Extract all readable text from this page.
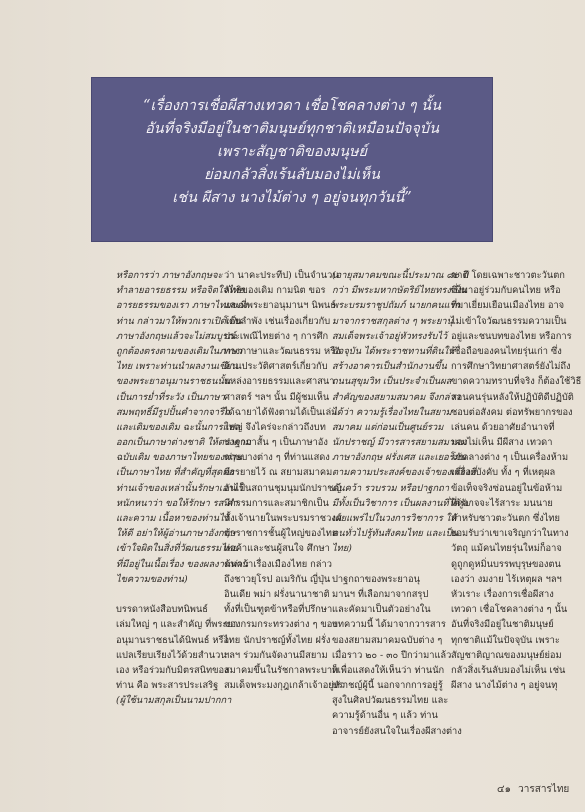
“เรื่องการเชื่อผีสางเทวดา เชื่อโชคลางต่าง ๆ นั้น
อันที่จริงมีอยู่ในชาติมนุษย์ทุกชาติเหมือนปัจจุบัน
เพราะสัญชาติของมนุษย์
ย่อมกลัวสิ่งเร้นลับมองไม่เห็น
เช่น ผีสาง นางไม้ต่าง ๆ อยู่จนทุกวันนี้”
หรือการว่า ภาษาอังกฤษจะ
ทำลายอารยธรรม หรือจิตใจไทย
อารยธรรมของเรา ภาษาไทยของ
ท่าน กล่าวมาให้พวกเราเปิดเป็น
ภาษาอังกฤษแล้วจะไม่สมบูรณ์
ถูกต้องตรงตามของเดิมในภาษา
ไทย เพราะท่านนำผลงานเขียน
ของพระยาอนุมานราชธนนั้น
เป็นการย่ำที่ระวัง เป็นภาษา
สมพฤทธิ์มีรูปปั้นคำจากจารึก
และเดิมของเดิม ฉะนั้นการแปล
ออกเป็นภาษาต่างชาติ ให้ตรงตาม
ฉบับเดิม ของภาษาไทยของท่าน
เป็นภาษาไทย ที่สำคัญที่สุดคือ
ท่านเจ้าของเหล่านั้นรักษาเอาไว้
หนักหนาว่า ขอให้รักษา รส คำ
และความ เนื้อหาของท่านไว้
ให้ดี อย่าให้ผู้อ่านภาษาอังกฤษ
เข้าใจผิดในสิ่งที่วัฒนธรรมไทย
ที่มีอยู่ในเนื้อเรื่อง ของผลงานท่าน
ไขความของท่าน)
บรรดาหนังสือบทนิพนธ์
เล่มใหญ่ ๆ และสำคัญ ที่พระยา
อนุมานราชธนได้นิพนธ์ หรือ
แปลเรียบเรียงไว้ด้วยสำนวน
เอง หรือร่วมกับมิตรสนิทของ
ท่าน คือ พระสารประเสริฐ
(ผู้ใช้นามสกุลเป็นนามปากกา
ว่า นาคะประทีป) เป็นจำนวน
ลัทธิของเดิม กามนิต ขอร
และที่พระยาอนุมานฯ นิพนธ์
โดยลำพัง เช่นเรื่องเกี่ยวกับ
ประเพณีไทยต่าง ๆ การศึก
ทางภาษาและวัฒนธรรม หรือ
ด้านประวัติศาสตร์เกี่ยวกับ
แหล่งอารยธรรมและศาสนา
ศาสตร์ ฯลฯ นั้น มีผู้ชมเห็น
ได้ฉายาได้ฟังตามได้เป็นเล่ม
ใหญ่ จึงไคร่จะกล่าวถึงบท
ปาฐกถาสั้น ๆ เป็นภาษาอัง
กฤษบางต่าง ๆ ที่ท่านแสดง
บรรยายไว้ ณ สยามสมาคม
อันเป็นสถานชุมนุมนักปราชญ์
มีกรรมการและสมาชิกเป็น
ทั้งเจ้านายในพระบรมราชวงศ์
ข้าราชการชั้นผู้ใหญ่ของไทย
ท่อค้าและชนผู้สนใจ ศึกษา
ค้นคว้าเรื่องเมืองไทย กล่าว
ถึงชาวยุโรป อเมริกัน ญี่ปุ่น
อินเดีย พม่า ฝรั่งนานาชาติ
ทั้งที่เป็นฑูตข้าหรือที่ปรึกษา
ของกรมกระทรวงต่าง ๆ ของ
ไทย นักปราชญ์ทั้งไทย ฝรั่ง
ฯลฯ ร่วมกันจัดงานมีสยาม
สมาคมขึ้นในรัชกาลพระบาท
สมเด็จพระมงกุฎเกล้าเจ้าอยู่หัว
(อายุสมาคมขณะนี้ประมาณ ๘๐ ปี
กว่า มีพระมหากษัตริย์ไทยทรงเป็น
พระบรมราชูปถัมภ์ นายกคนแรก
มาจากราชสกุลต่าง ๆ พระยานุ
สมเด็จพระเจ้าอยู่หัวทรงรับไว้
ปัจจุบัน ได้พระราชทานที่ดินให้
สร้างอาคารเป็นสำนักงานขึ้น
ถนนสุขุมวิท เป็นประจำเป็นผล
สำคัญของสยามสมาคม จึงกล่าว
ได้ว่า ความรู้เรื่องไทยในสยาม
สมาคม แต่ก่อนเป็นศูนย์รวม
นักปราชญ์ มีวารสารสยามสมาคม
ภาษาอังกฤษ ฝรั่งเศส และเยอรมัน
ตามความประสงค์ของเจ้าของเรื่องที่
ค้นคว้า รวบรวม หรือปาฐกถา
มีทั้งเป็นวิชาการ เป็นผลงานที่ได้รับ
เผยแพร่ไปในวงการวิชาการ ให้
คนทั่วไปรู้ทันสังคมไทย และเป็น
ไทย)
ปาฐกถาของพระยาอนุ
มานฯ ที่เลือกมาจากสรุป
และคัดมาเป็นตัวอย่างใน
บทความนี้ ได้มาจากวารสาร
ของสยามสมาคมฉบับต่าง ๆ
เมื่อราว ๒๐ - ๓๐ ปีกว่ามาแล้ว
ก็เพื่อแสดงให้เห็นว่า ท่านนัก
ปราชญ์ผู้นี้ นอกจากการอยู่รู้
สูงในศิลปวัฒนธรรมไทย และ
ความรู้ด้านอื่น ๆ แล้ว ท่าน
อาจารย์ยังสนใจในเรื่องผีสางต่าง
ชาติ โดยเฉพาะชาวตะวันตก
ซึ่งมาอยู่ร่วมกับคนไทย หรือ
ที่มาเยี่ยมเยือนเมืองไทย อาจ
ไม่เข้าใจวัฒนธรรมความเป็น
อยู่และชนบทของไทย หรือการ
เชื่อถือของคนไทยรุ่นเก่า ซึ่ง
การศึกษาวิทยาศาสตร์ยังไม่ถึง
ขาดความทราบที่จริง ก็ต้องใช้วิธี
สอนคนรุ่นหลังให้ปฏิบัติดีปฏิบัติ
ชอบต่อสังคม ต่อทรัพยากรของ
เล่นคน ด้วยอาศัยอำนาจที่
มองไม่เห็น มีผีสาง เทวดา
โชคลางต่าง ๆ เป็นเครื่องห้าม
เครื่องบังคับ ทั้ง ๆ ที่เหตุผล
ข้อเท็จจริงซ่อนอยู่ในข้อห้าม
ที่ดูอาจจะไร้สาระ มนนาย
สำหรับชาวตะวันตก ซึ่งไทย
ยอมรับว่าเขาเจริญกว่าในทาง
วัตถุ แม้คนไทยรุ่นใหม่ก็อาจ
ดูถูกดูหมิ่นบรรพบุรุษของตน
เองว่า งมงาย ไร้เหตุผล ฯลฯ
หัวเราะ เรื่องการเชื่อผีสาง
เทวดา เชื่อโชคลางต่าง ๆ นั้น
อันที่จริงมีอยู่ในชาติมนุษย์
ทุกชาติแม้ในปัจจุบัน เพราะ
สัญชาติญาณของมนุษย์ย่อม
กลัวสิ่งเร้นลับมองไม่เห็น เช่น
ผีสาง นางไม้ต่าง ๆ อยู่จนทุ
๔๑ วารสารไทย
